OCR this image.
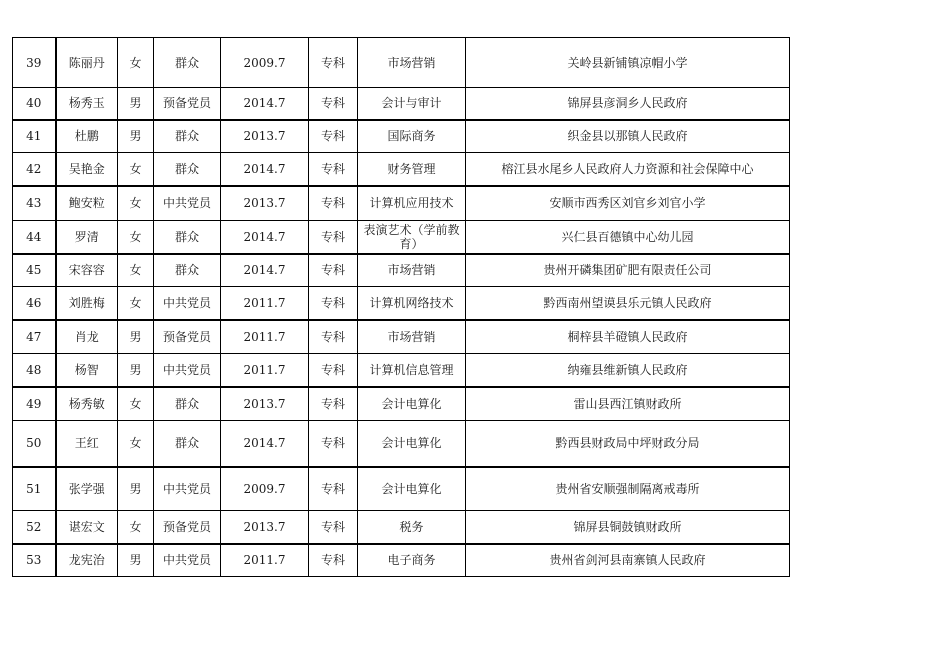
39	陈丽丹	女	群众	2009.7	专科	市场营销	关岭县新铺镇凉帽小学
40	杨秀玉	男	预备党员	2014.7	专科	会计与审计	锦屏县彦洞乡人民政府
41	杜鹏	男	群众	2013.7	专科	国际商务	织金县以那镇人民政府
42	吴艳金	女	群众	2014.7	专科	财务管理	榕江县水尾乡人民政府人力资源和社会保障中心
43	鲍安粒	女	中共党员	2013.7	专科	计算机应用技术	安顺市西秀区刘官乡刘官小学
44	罗清	女	群众	2014.7	专科	表演艺术（学前教育）	兴仁县百德镇中心幼儿园
45	宋容容	女	群众	2014.7	专科	市场营销	贵州开磷集团矿肥有限责任公司
46	刘胜梅	女	中共党员	2011.7	专科	计算机网络技术	黔西南州望谟县乐元镇人民政府
47	肖龙	男	预备党员	2011.7	专科	市场营销	桐梓县羊磴镇人民政府
48	杨智	男	中共党员	2011.7	专科	计算机信息管理	纳雍县维新镇人民政府
49	杨秀敏	女	群众	2013.7	专科	会计电算化	雷山县西江镇财政所
50	王红	女	群众	2014.7	专科	会计电算化	黔西县财政局中坪财政分局
51	张学强	男	中共党员	2009.7	专科	会计电算化	贵州省安顺强制隔离戒毒所
52	谌宏文	女	预备党员	2013.7	专科	税务	锦屏县铜鼓镇财政所
53	龙宪治	男	中共党员	2011.7	专科	电子商务	贵州省剑河县南寨镇人民政府
